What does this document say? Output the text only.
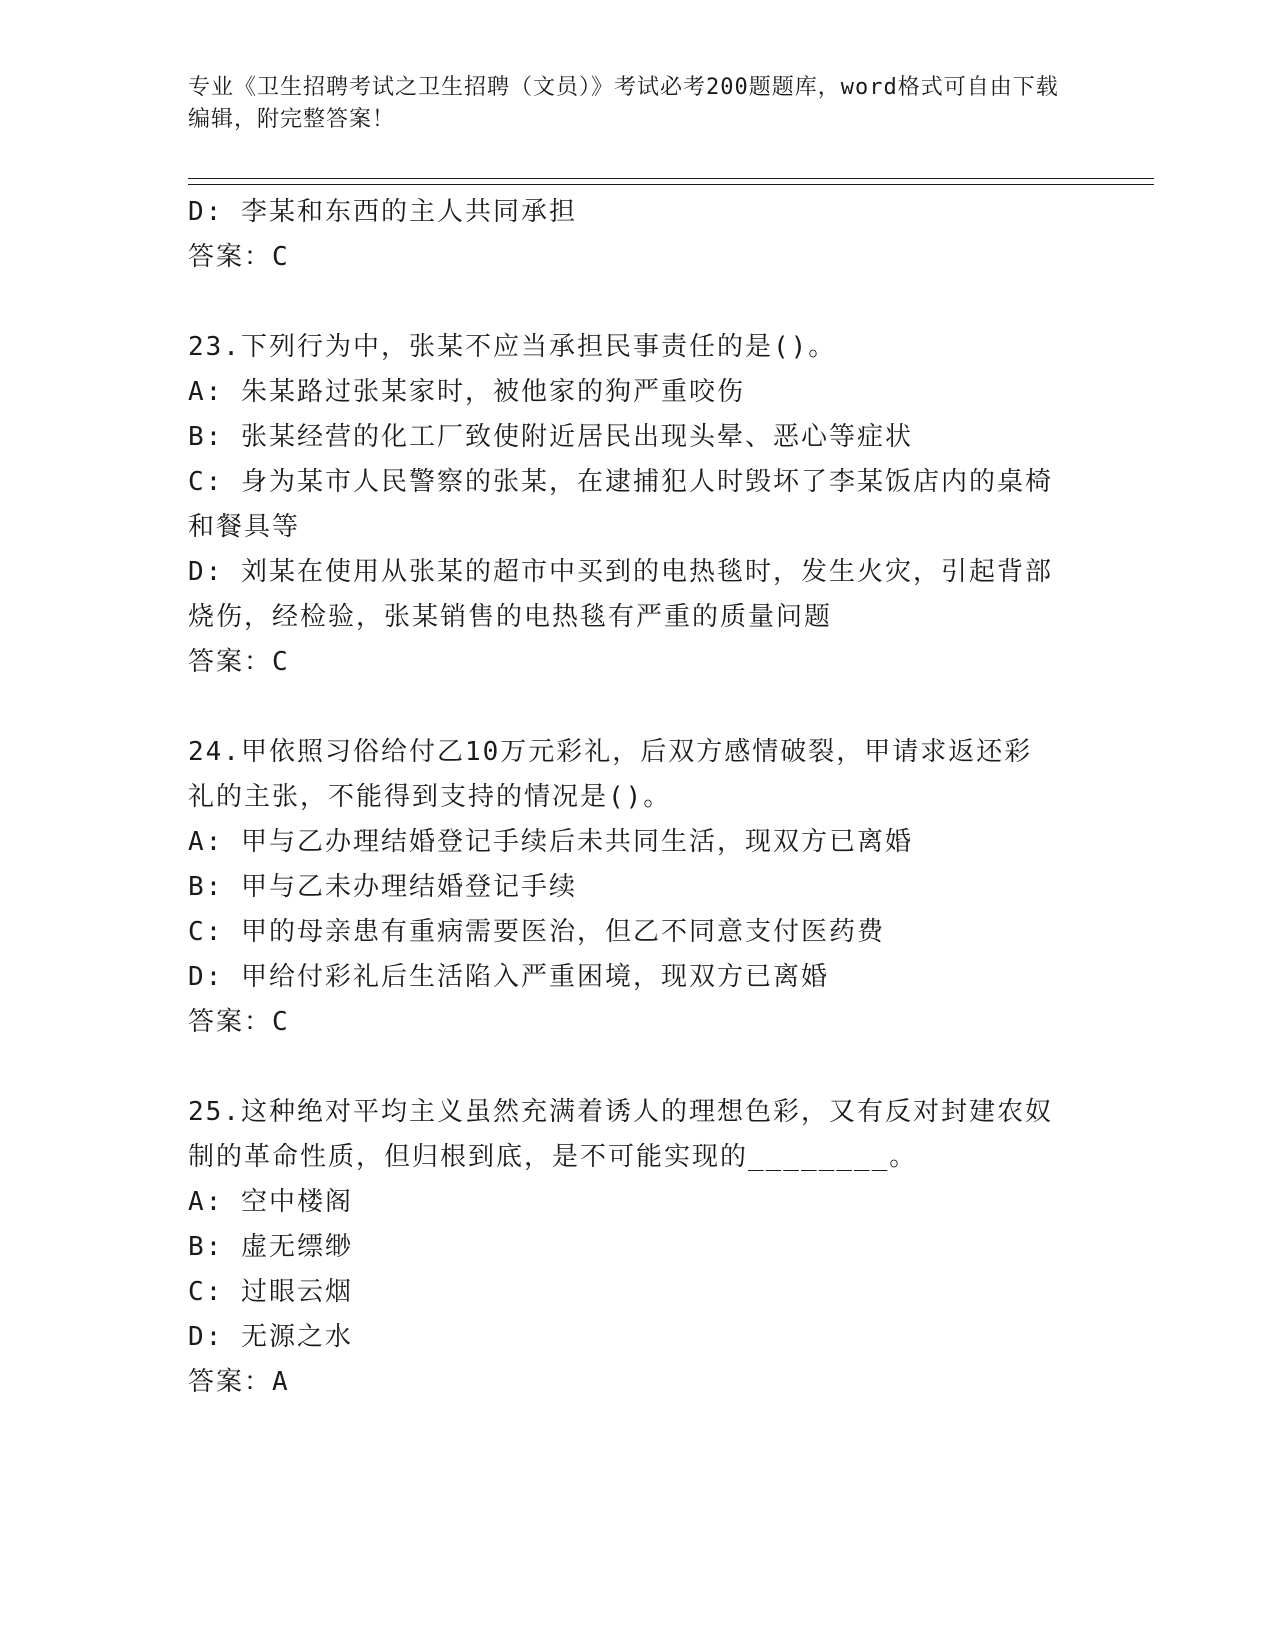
专业《卫生招聘考试之卫生招聘（文员）》考试必考200题题库，word格式可自由下载编辑，附完整答案！
D: 李某和东西的主人共同承担
答案：C
23.下列行为中，张某不应当承担民事责任的是()。
A: 朱某路过张某家时，被他家的狗严重咬伤
B: 张某经营的化工厂致使附近居民出现头晕、恶心等症状
C: 身为某市人民警察的张某，在逮捕犯人时毁坏了李某饭店内的桌椅
和餐具等
D: 刘某在使用从张某的超市中买到的电热毯时，发生火灾，引起背部
烧伤，经检验，张某销售的电热毯有严重的质量问题
答案：C
24.甲依照习俗给付乙10万元彩礼，后双方感情破裂，甲请求返还彩
礼的主张，不能得到支持的情况是()。
A: 甲与乙办理结婚登记手续后未共同生活，现双方已离婚
B: 甲与乙未办理结婚登记手续
C: 甲的母亲患有重病需要医治，但乙不同意支付医药费
D: 甲给付彩礼后生活陷入严重困境，现双方已离婚
答案：C
25.这种绝对平均主义虽然充满着诱人的理想色彩，又有反对封建农奴
制的革命性质，但归根到底，是不可能实现的________。
A: 空中楼阁
B: 虚无缥缈
C: 过眼云烟
D: 无源之水
答案：A
